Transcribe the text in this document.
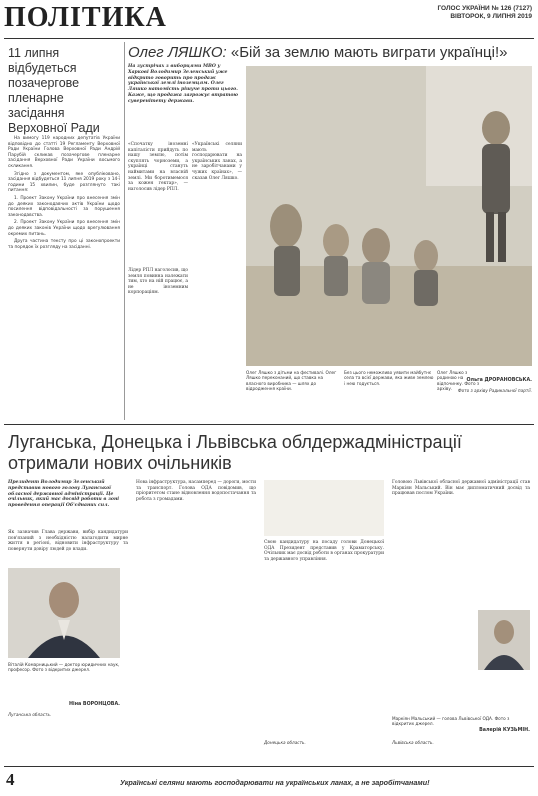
ПОЛІТИКА	ГОЛОС УКРАЇНИ № 126 (7127)
ВІВТОРОК, 9 ЛИПНЯ 2019
11 липня відбудеться позачергове пленарне засідання Верховної Ради

На вимогу 119 народних депутатів України відповідно до статті 19 Регламенту Верховної Ради України Голова Верховної Ради Андрій Парубій скликав позачергове пленарне засідання Верховної Ради України восьмого скликання.

Згідно з документом, яке опубліковано, засідання відбудеться 11 липня 2019 року з 14-ї години 15 хвилин, буде розглянуто такі питання:

1. Проект Закону України про внесення змін до деяких законодавчих актів України щодо посилення відповідальності за порушення законодавства.

2. Проект Закону України про внесення змін до деяких законів України щодо врегулювання окремих питань.

Друга частина тексту про ці законопроекти та порядок їх розгляду на засіданні.

Олег ЛЯШКО: «Бій за землю мають виграти українці!»
На зустрічах з виборцями МВО у Харкові Володимир Зеленський уже відкрито говорить про продаж української землі іноземцям. Олег Ляшко натомість рішуче проти цього. Каже, що продажа загрожує втратою суверенітету держави.
«Спочатку іноземні капіталісти прийдуть по нашу землю, потім скуплять чорноземи, а українці стануть наймитами на власній землі. Ми боротимемося за кожен гектар», — наголосив лідер РПЛ.
Лідер РПЛ наголосив, що земля повинна належати тим, хто на ній працює, а не іноземним корпораціям.
«Українські селяни мають господарювати на українських ланах, а не заробітчанами у чужих країнах», — сказав Олег Ляшко.
Олег Ляшко з дітьми на фестивалі. Олег Ляшко переконаний, що ставка на власного виробника — шлях до відродження країни.
Без цього неможливо уявити майбутнє села та всієї держави, яка живе землею і нею годується.
Олег Ляшко з родиною на відпочинку. Фото з архіву.
Ольга ДРОРАНОВСЬКА.
Фото з архіву Радикальної партії.
Луганська, Донецька і Львівська облдержадміністрації отримали нових очільників
Президент Володимир Зеленський представив нового голову Луганської обласної державної адміністрації. Це очільник, який має досвід роботи в зоні проведення операції Об'єднаних сил.
Як зазначив Глава держави, вибір кандидатури пов'язаний з необхідністю налагодити мирне життя в регіоні, відновити інфраструктуру та повернути довіру людей до влади.
Нова інфраструктура, насамперед — дороги, мости та транспорт. Голова ОДА повідомив, що пріоритетом стане відновлення водопостачання та робота з громадами.
Свою кандидатуру на посаду голови Донецької ОДА Президент представив у Краматорську. Очільник має досвід роботи в органах прокуратури та державного управління.
Головою Львівської обласної державної адміністрації став Маркіян Мальський. Він має дипломатичний досвід та працював послом України.
Віталій Комарницький — доктор юридичних наук, професор. Фото з відкритих джерел.
Ніна ВОРОНЦОВА.
Луганська область.
Донецька область.
Маркіян Мальський — голова Львівської ОДА. Фото з відкритих джерел.
Валерій КУЗЬМІН.
Львівська область.
4	Українські селяни мають господарювати на українських ланах, а не заробітчанами!
